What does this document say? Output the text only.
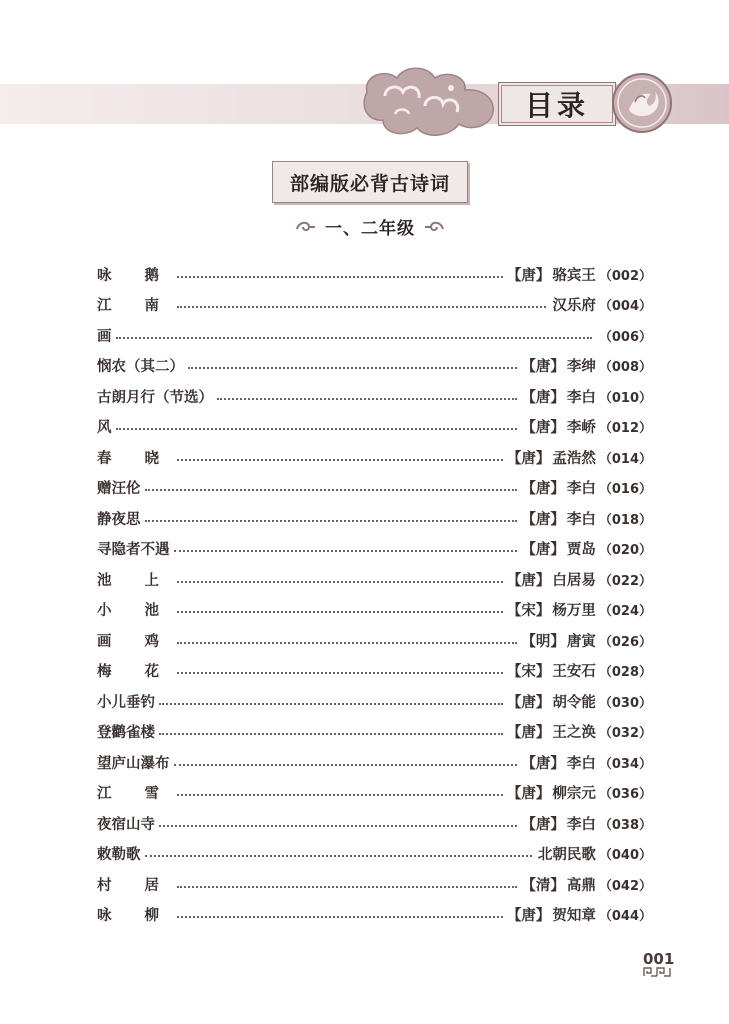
目录
部编版必背古诗词
一、二年级
咏 鹅	【唐】 骆宾王 （002）
江 南	汉乐府 （004）
画	（006）
悯农（其二）	【唐】 李绅 （008）
古朗月行（节选）	【唐】 李白 （010）
风	【唐】 李峤 （012）
春 晓	【唐】 孟浩然 （014）
赠汪伦	【唐】 李白 （016）
静夜思	【唐】 李白 （018）
寻隐者不遇	【唐】 贾岛 （020）
池 上	【唐】 白居易 （022）
小 池	【宋】 杨万里 （024）
画 鸡	【明】 唐寅 （026）
梅 花	【宋】 王安石 （028）
小儿垂钓	【唐】 胡令能 （030）
登鹳雀楼	【唐】 王之涣 （032）
望庐山瀑布	【唐】 李白 （034）
江 雪	【唐】 柳宗元 （036）
夜宿山寺	【唐】 李白 （038）
敕勒歌	北朝民歌 （040）
村 居	【清】 高鼎 （042）
咏 柳	【唐】 贺知章 （044）
001
